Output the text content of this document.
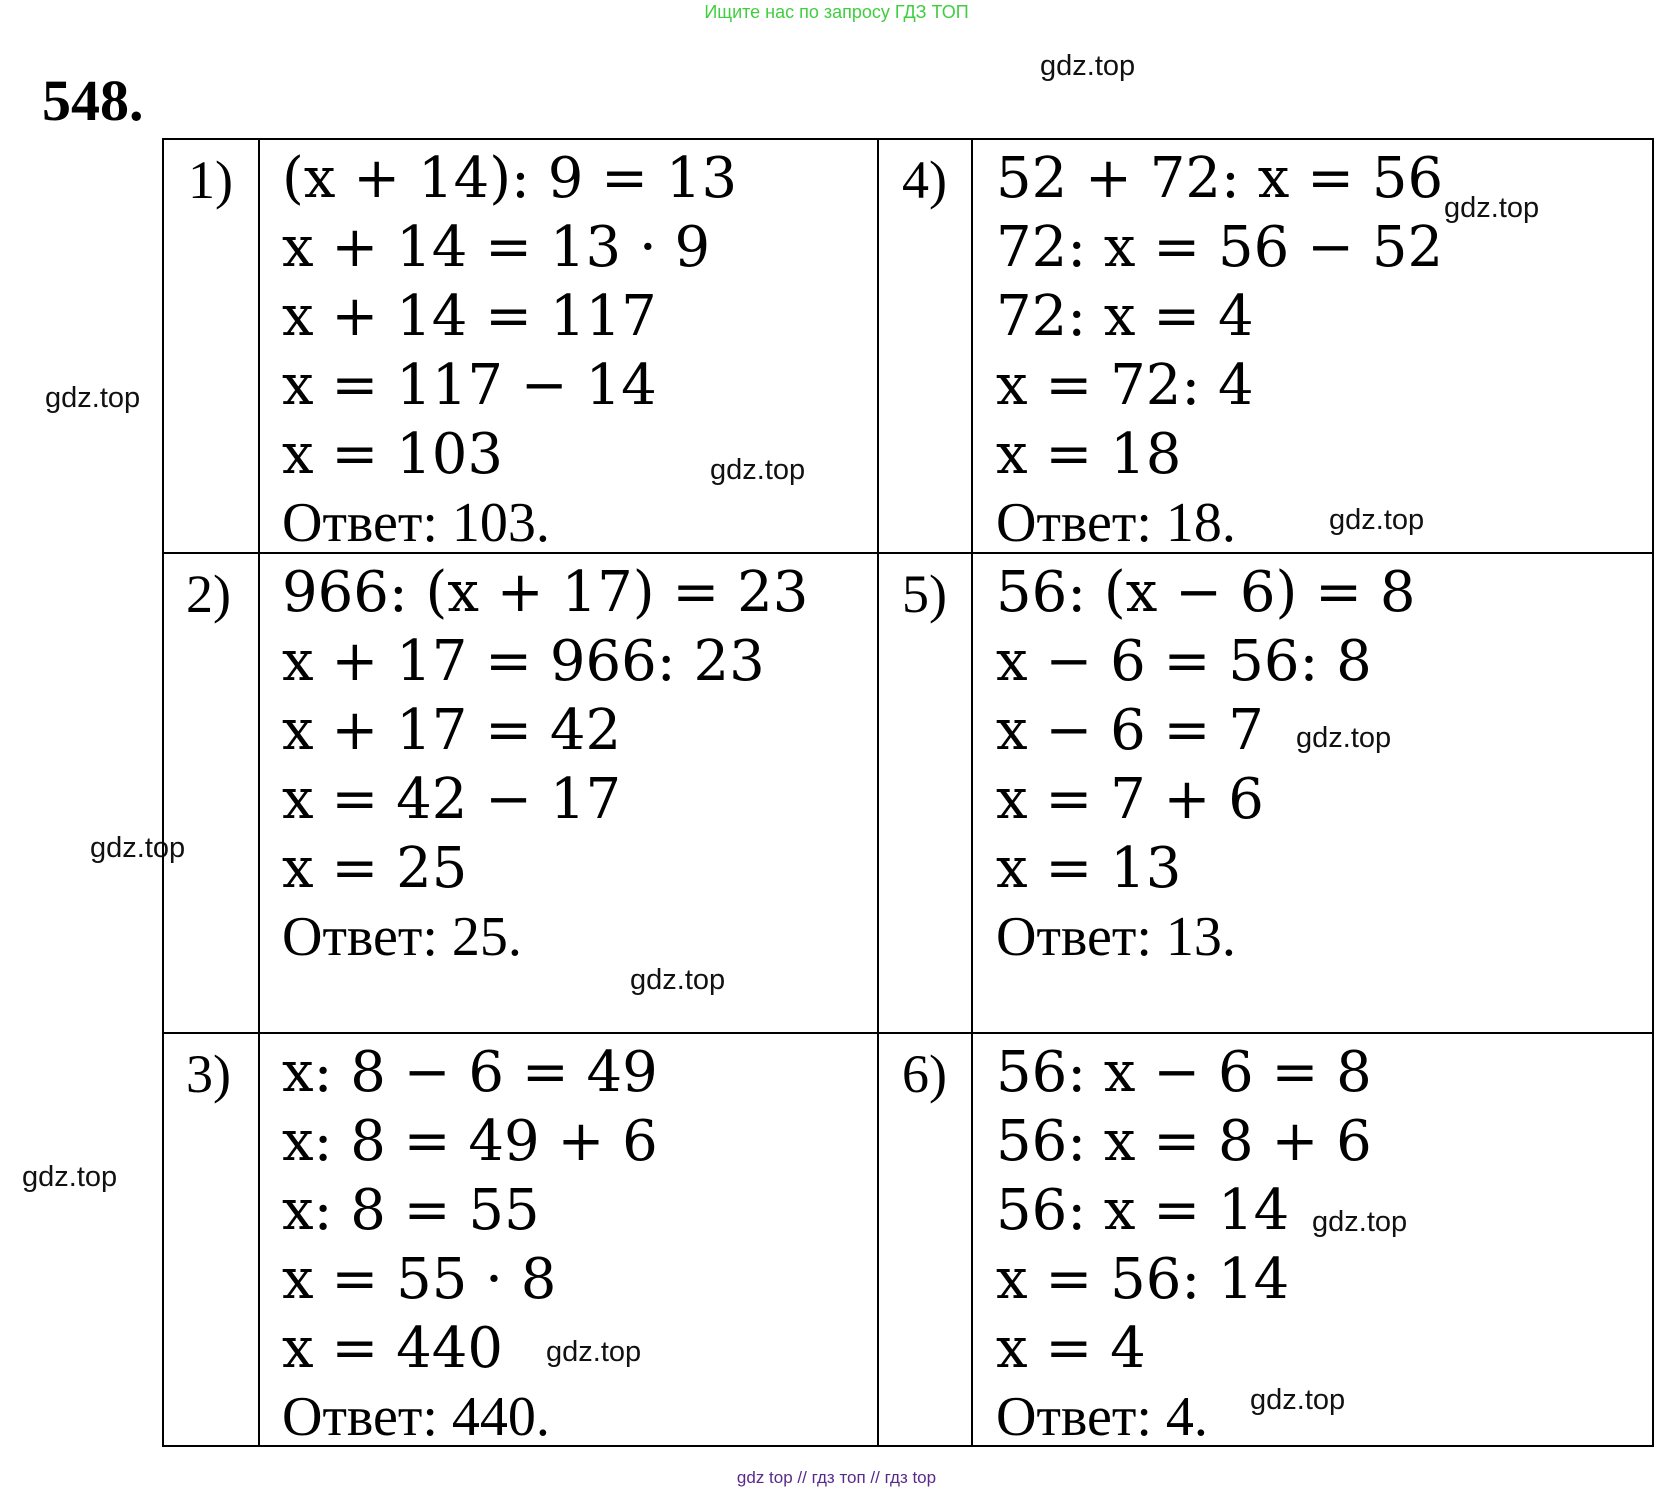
Ищите нас по запросу ГДЗ ТОП
548.
gdz.top
gdz.top
gdz.top
gdz.top
1) (x + 14): 9 = 13
x + 14 = 13 · 9
x + 14 = 117
x = 117 − 14
x = 103
Ответ: 103.
gdz.top
4) 52 + 72: x = 56
72: x = 56 − 52
72: x = 4
x = 72: 4
x = 18
Ответ: 18.
gdz.top
gdz.top
2) 966: (x + 17) = 23
x + 17 = 966: 23
x + 17 = 42
x = 42 − 17
x = 25
Ответ: 25.
gdz.top
5) 56: (x − 6) = 8
x − 6 = 56: 8
x − 6 = 7
x = 7 + 6
x = 13
Ответ: 13.
gdz.top
3) x: 8 − 6 = 49
x: 8 = 49 + 6
x: 8 = 55
x = 55 · 8
x = 440
Ответ: 440.
gdz.top
6) 56: x − 6 = 8
56: x = 8 + 6
56: x = 14
x = 56: 14
x = 4
Ответ: 4.
gdz.top
gdz.top
gdz top // гдз топ // гдз top
